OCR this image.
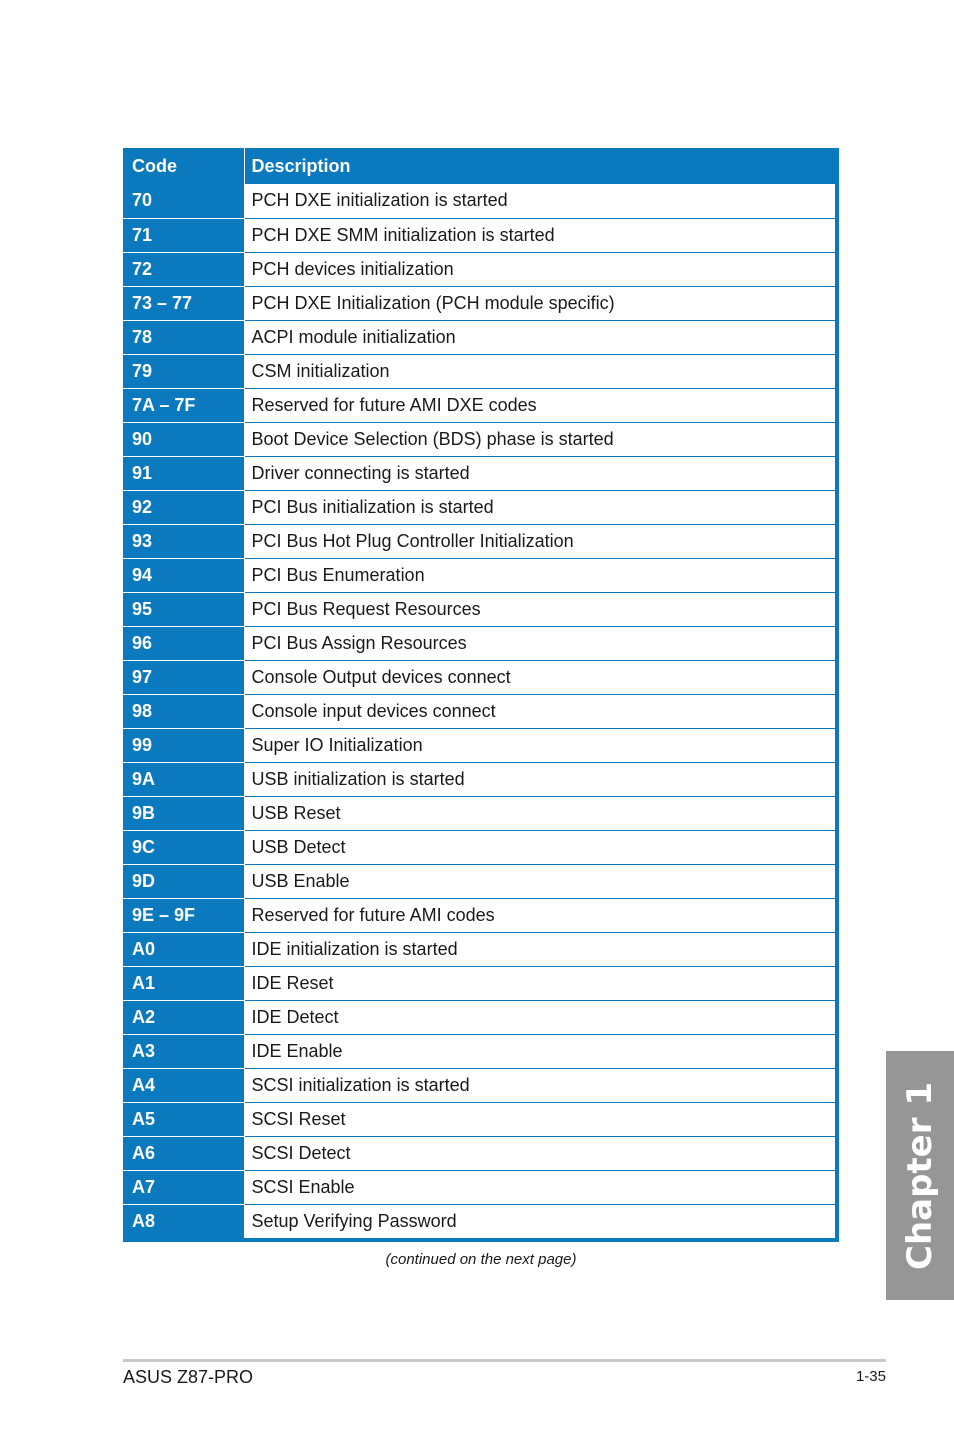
Code	Description
70	PCH DXE initialization is started
71	PCH DXE SMM initialization is started
72	PCH devices initialization
73 – 77	PCH DXE Initialization (PCH module specific)
78	ACPI module initialization
79	CSM initialization
7A – 7F	Reserved for future AMI DXE codes
90	Boot Device Selection (BDS) phase is started
91	Driver connecting is started
92	PCI Bus initialization is started
93	PCI Bus Hot Plug Controller Initialization
94	PCI Bus Enumeration
95	PCI Bus Request Resources
96	PCI Bus Assign Resources
97	Console Output devices connect
98	Console input devices connect
99	Super IO Initialization
9A	USB initialization is started
9B	USB Reset
9C	USB Detect
9D	USB Enable
9E – 9F	Reserved for future AMI codes
A0	IDE initialization is started
A1	IDE Reset
A2	IDE Detect
A3	IDE Enable
A4	SCSI initialization is started
A5	SCSI Reset
A6	SCSI Detect
A7	SCSI Enable
A8	Setup Verifying Password
(continued on the next page)	Chapter 1
ASUS Z87-PRO	1-35
